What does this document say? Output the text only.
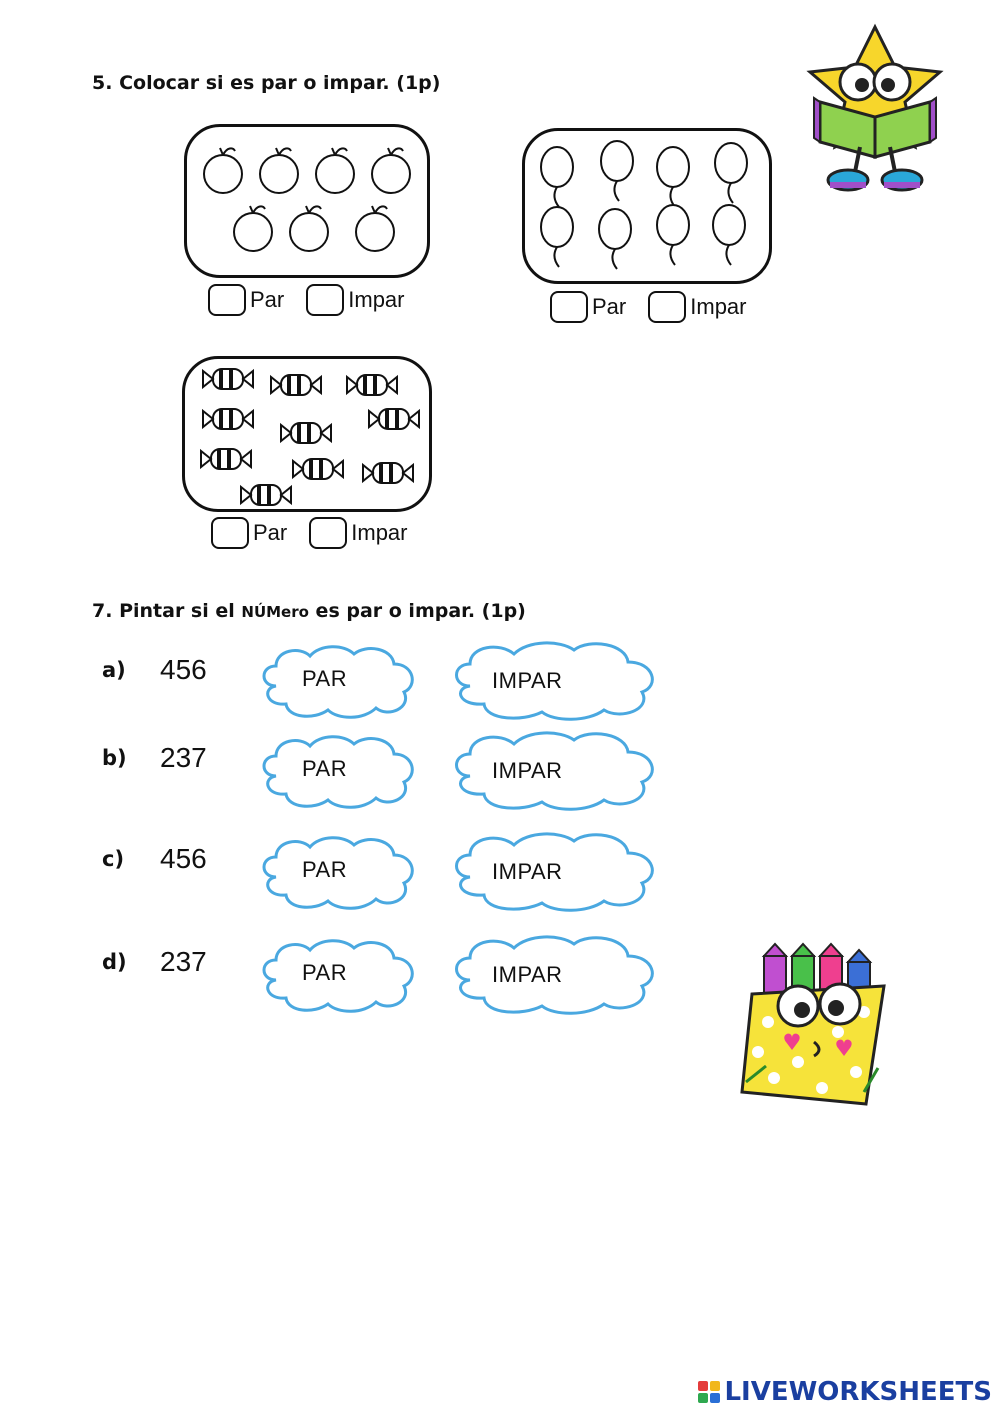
5. Colocar si es par o impar. (1p)
Par	Impar	Par	Impar
Par	Impar
7. Pintar si el NÚMero es par o impar. (1p)
a) 456	PAR	IMPAR
b) 237	PAR	IMPAR
c) 456	PAR	IMPAR
d) 237	PAR	IMPAR
LIVEWORKSHEETS
